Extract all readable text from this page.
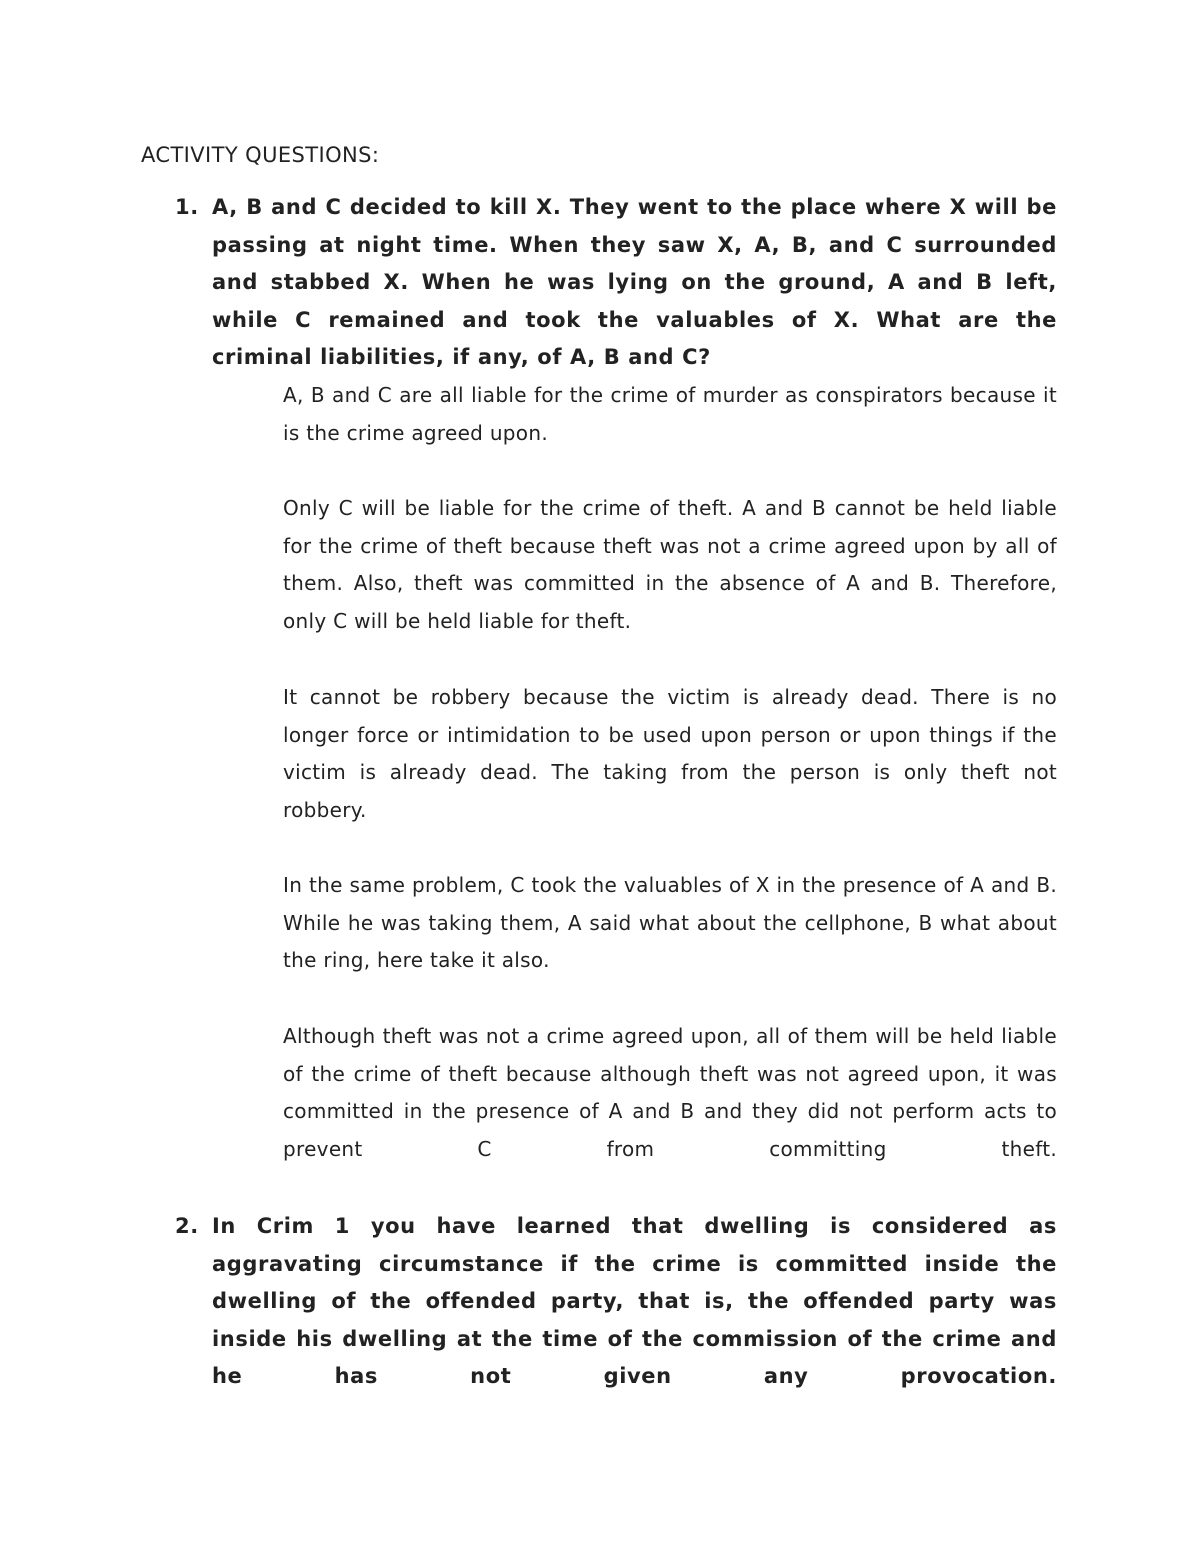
ACTIVITY QUESTIONS:
1. A, B and C decided to kill X. They went to the place where X will be passing at night time. When they saw X, A, B, and C surrounded and stabbed X. When he was lying on the ground, A and B left, while C remained and took the valuables of X. What are the criminal liabilities, if any, of A, B and C?

A, B and C are all liable for the crime of murder as conspirators because it is the crime agreed upon.

Only C will be liable for the crime of theft. A and B cannot be held liable for the crime of theft because theft was not a crime agreed upon by all of them. Also, theft was committed in the absence of A and B. Therefore, only C will be held liable for theft.

It cannot be robbery because the victim is already dead. There is no longer force or intimidation to be used upon person or upon things if the victim is already dead. The taking from the person is only theft not robbery.

In the same problem, C took the valuables of X in the presence of A and B. While he was taking them, A said what about the cellphone, B what about the ring, here take it also.

Although theft was not a crime agreed upon, all of them will be held liable of the crime of theft because although theft was not agreed upon, it was committed in the presence of A and B and they did not perform acts to prevent C from committing theft.

2. In Crim 1 you have learned that dwelling is considered as aggravating circumstance if the crime is committed inside the dwelling of the offended party, that is, the offended party was inside his dwelling at the time of the commission of the crime and he has not given any provocation.
